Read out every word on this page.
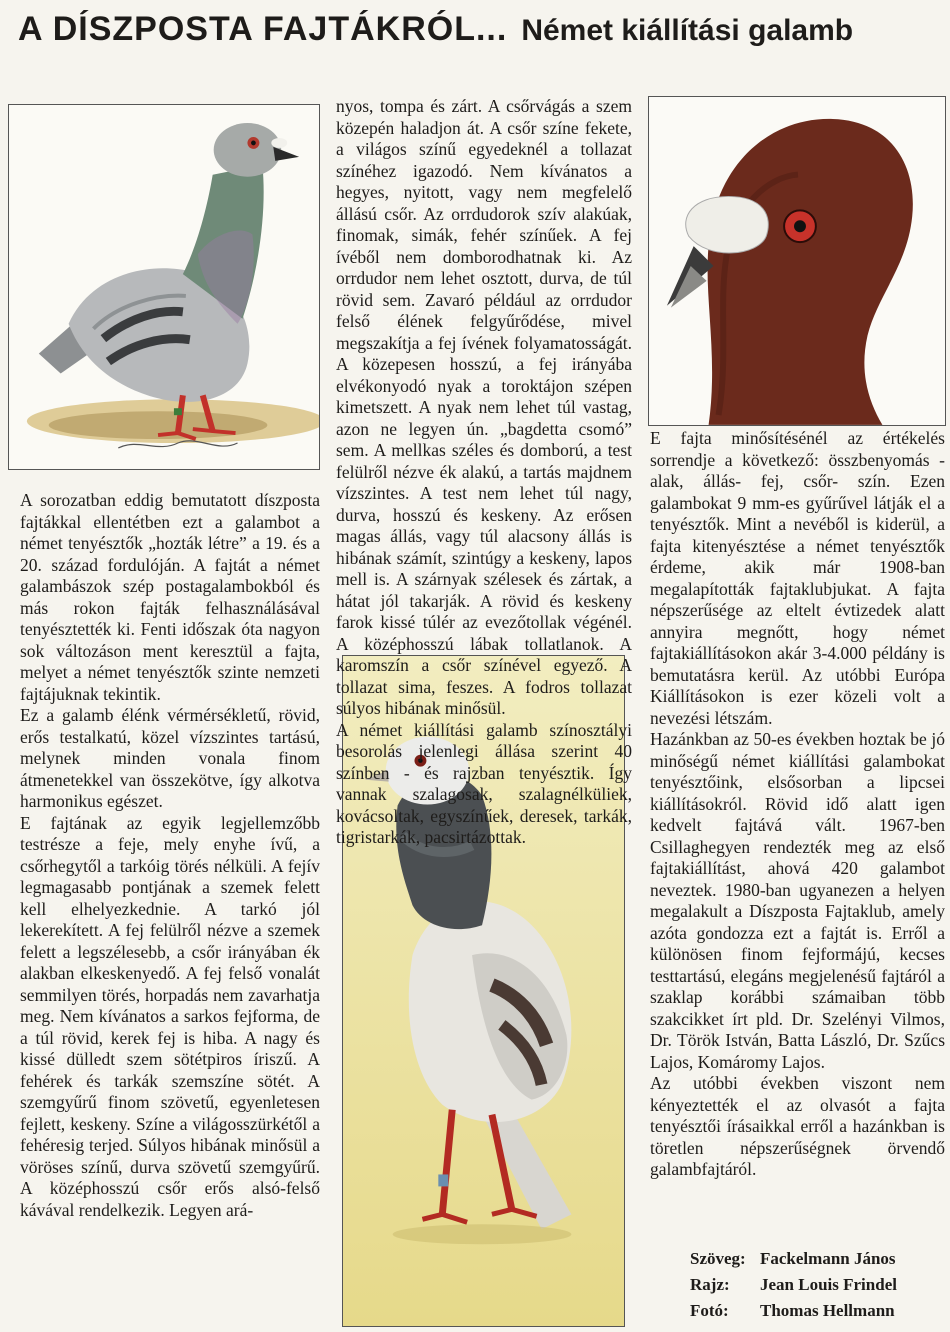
A DÍSZPOSTA FAJTÁKRÓL... Német kiállítási galamb

A sorozatban eddig bemutatott díszposta fajtákkal ellentétben ezt a galambot a német tenyésztők „hozták létre” a 19. és a 20. század fordulóján. A fajtát a német galambászok szép postagalambokból és más rokon fajták felhasználásával tenyésztették ki. Fenti időszak óta nagyon sok változáson ment keresztül a fajta, melyet a német tenyésztők szinte nemzeti fajtájuknak tekintik.

Ez a galamb élénk vérmérsékletű, rövid, erős testalkatú, közel vízszintes tartású, melynek minden vonala finom átmenetekkel van összekötve, így alkotva harmonikus egészet.

E fajtának az egyik legjellemzőbb testrésze a feje, mely enyhe ívű, a csőrhegytől a tarkóig törés nélküli. A fejív legmagasabb pontjának a szemek felett kell elhelyezkednie. A tarkó jól lekerekített. A fej felülről nézve a szemek felett a legszélesebb, a csőr irányában ék alakban elkeskenyedő. A fej felső vonalát semmilyen törés, horpadás nem zavarhatja meg. Nem kívánatos a sarkos fejforma, de a túl rövid, kerek fej is hiba. A nagy és kissé dülledt szem sötétpiros íriszű. A fehérek és tarkák szemszíne sötét. A szemgyűrű finom szövetű, egyenletesen fejlett, keskeny. Színe a világosszürkétől a fehéresig terjed. Súlyos hibának minősül a vöröses színű, durva szövetű szemgyűrű. A középhosszú csőr erős alsó-felső kávával rendelkezik. Legyen ará-

nyos, tompa és zárt. A csőrvágás a szem közepén haladjon át. A csőr színe fekete, a világos színű egyedeknél a tollazat színéhez igazodó. Nem kívánatos a hegyes, nyitott, vagy nem megfelelő állású csőr. Az orrdudorok szív alakúak, finomak, simák, fehér színűek. A fej ívéből nem domborodhatnak ki. Az orrdudor nem lehet osztott, durva, de túl rövid sem. Zavaró például az orrdudor felső élének felgyűrődése, mivel megszakítja a fej ívének folyamatosságát. A közepesen hosszú, a fej irányába elvékonyodó nyak a toroktájon szépen kimetszett. A nyak nem lehet túl vastag, azon ne legyen ún. „bagdetta csomó” sem. A mellkas széles és domború, a test felülről nézve ék alakú, a tartás majdnem vízszintes. A test nem lehet túl nagy, durva, hosszú és keskeny. Az erősen magas állás, vagy túl alacsony állás is hibának számít, szintúgy a keskeny, lapos mell is. A szárnyak szélesek és zártak, a hátat jól takarják. A rövid és keskeny farok kissé túlér az evezőtollak végénél. A középhosszú lábak tollatlanok. A karomszín a csőr színével egyező. A tollazat sima, feszes. A fodros tollazat súlyos hibának minősül.

A német kiállítási galamb színosztályi besorolás jelenlegi állása szerint 40 színben - és rajzban tenyésztik. Így vannak szalagosak, szalagnélküliek, kovácsoltak, egyszínűek, deresek, tarkák, tigristarkák, pacsirtázottak.

E fajta minősítésénél az értékelés sorrendje a következő: összbenyomás - alak, állás- fej, csőr- szín. Ezen galambokat 9 mm-es gyűrűvel látják el a tenyésztők. Mint a nevéből is kiderül, a fajta kitenyésztése a német tenyésztők érdeme, akik már 1908-ban megalapították fajtaklubjukat. A fajta népszerűsége az eltelt évtizedek alatt annyira megnőtt, hogy német fajtakiállításokon akár 3-4.000 példány is bemutatásra kerül. Az utóbbi Európa Kiállításokon is ezer közeli volt a nevezési létszám.

Hazánkban az 50-es években hoztak be jó minőségű német kiállítási galambokat tenyésztőink, elsősorban a lipcsei kiállításokról. Rövid idő alatt igen kedvelt fajtává vált. 1967-ben Csillaghegyen rendezték meg az első fajtakiállítást, ahová 420 galambot neveztek. 1980-ban ugyanezen a helyen megalakult a Díszposta Fajtaklub, amely azóta gondozza ezt a fajtát is. Erről a különösen finom fejformájú, kecses testtartású, elegáns megjelenésű fajtáról a szaklap korábbi számaiban több szakcikket írt pld. Dr. Szelényi Vilmos, Dr. Török István, Batta László, Dr. Szűcs Lajos, Komáromy Lajos.

Az utóbbi években viszont nem kényeztették el az olvasót a fajta tenyésztői írásaikkal erről a hazánkban is töretlen népszerűségnek örvendő galambfajtáról.

Szöveg: Fackelmann János
Rajz:	Jean Louis Frindel
Fotó:	Thomas Hellmann
